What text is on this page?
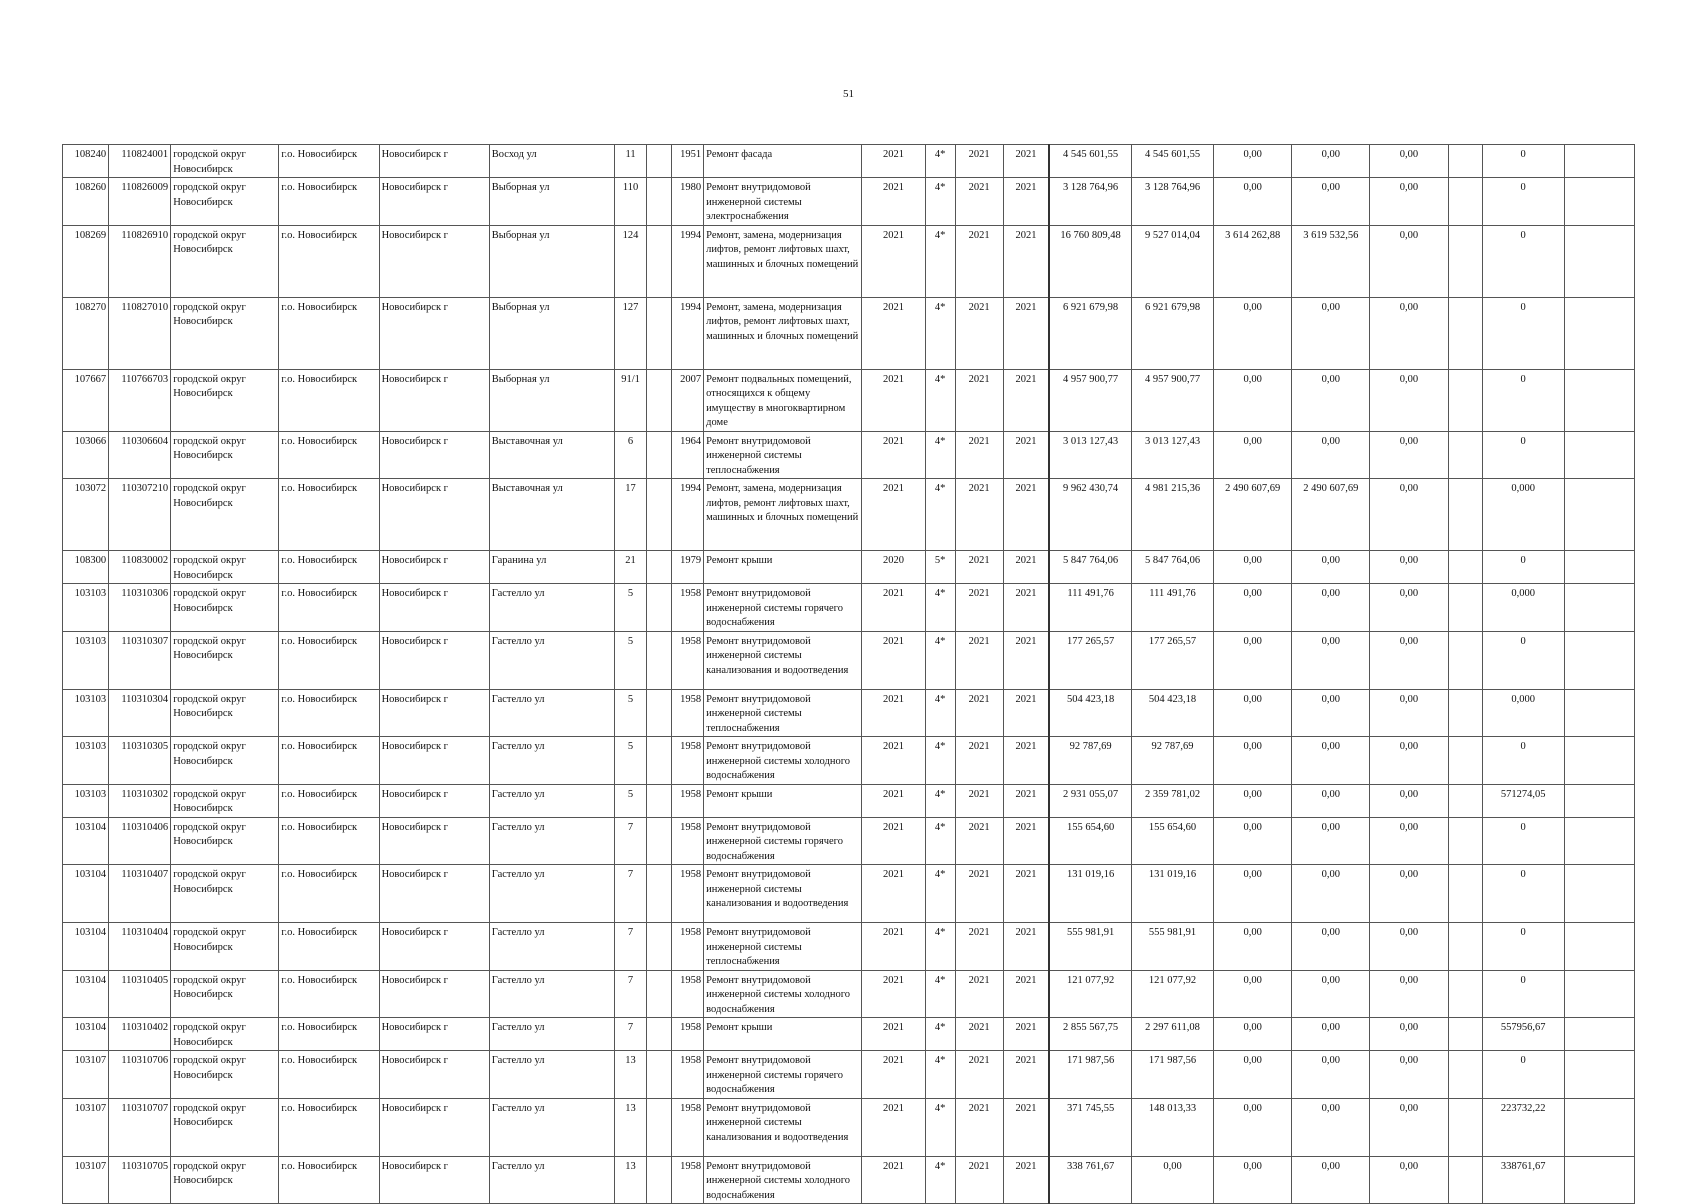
51
108240	110824001	городской округ Новосибирск	г.о. Новосибирск	Новосибирск г	Восход ул	11		1951	Ремонт фасада	2021	4*	2021	2021	4 545 601,55	4 545 601,55	0,00	0,00	0,00		0	
108260	110826009	городской округ Новосибирск	г.о. Новосибирск	Новосибирск г	Выборная ул	110		1980	Ремонт внутридомовой инженерной системы электроснабжения	2021	4*	2021	2021	3 128 764,96	3 128 764,96	0,00	0,00	0,00		0	
108269	110826910	городской округ Новосибирск	г.о. Новосибирск	Новосибирск г	Выборная ул	124		1994	Ремонт, замена, модернизация лифтов, ремонт лифтовых шахт, машинных и блочных помещений	2021	4*	2021	2021	16 760 809,48	9 527 014,04	3 614 262,88	3 619 532,56	0,00		0	
108270	110827010	городской округ Новосибирск	г.о. Новосибирск	Новосибирск г	Выборная ул	127		1994	Ремонт, замена, модернизация лифтов, ремонт лифтовых шахт, машинных и блочных помещений	2021	4*	2021	2021	6 921 679,98	6 921 679,98	0,00	0,00	0,00		0	
107667	110766703	городской округ Новосибирск	г.о. Новосибирск	Новосибирск г	Выборная ул	91/1		2007	Ремонт подвальных помещений, относящихся к общему имуществу в многоквартирном доме	2021	4*	2021	2021	4 957 900,77	4 957 900,77	0,00	0,00	0,00		0	
103066	110306604	городской округ Новосибирск	г.о. Новосибирск	Новосибирск г	Выставочная ул	6		1964	Ремонт внутридомовой инженерной системы теплоснабжения	2021	4*	2021	2021	3 013 127,43	3 013 127,43	0,00	0,00	0,00		0	
103072	110307210	городской округ Новосибирск	г.о. Новосибирск	Новосибирск г	Выставочная ул	17		1994	Ремонт, замена, модернизация лифтов, ремонт лифтовых шахт, машинных и блочных помещений	2021	4*	2021	2021	9 962 430,74	4 981 215,36	2 490 607,69	2 490 607,69	0,00		0,000	
108300	110830002	городской округ Новосибирск	г.о. Новосибирск	Новосибирск г	Гаранина ул	21		1979	Ремонт крыши	2020	5*	2021	2021	5 847 764,06	5 847 764,06	0,00	0,00	0,00		0	
103103	110310306	городской округ Новосибирск	г.о. Новосибирск	Новосибирск г	Гастелло ул	5		1958	Ремонт внутридомовой инженерной системы горячего водоснабжения	2021	4*	2021	2021	111 491,76	111 491,76	0,00	0,00	0,00		0,000	
103103	110310307	городской округ Новосибирск	г.о. Новосибирск	Новосибирск г	Гастелло ул	5		1958	Ремонт внутридомовой инженерной системы канализования и водоотведения	2021	4*	2021	2021	177 265,57	177 265,57	0,00	0,00	0,00		0	
103103	110310304	городской округ Новосибирск	г.о. Новосибирск	Новосибирск г	Гастелло ул	5		1958	Ремонт внутридомовой инженерной системы теплоснабжения	2021	4*	2021	2021	504 423,18	504 423,18	0,00	0,00	0,00		0,000	
103103	110310305	городской округ Новосибирск	г.о. Новосибирск	Новосибирск г	Гастелло ул	5		1958	Ремонт внутридомовой инженерной системы холодного водоснабжения	2021	4*	2021	2021	92 787,69	92 787,69	0,00	0,00	0,00		0	
103103	110310302	городской округ Новосибирск	г.о. Новосибирск	Новосибирск г	Гастелло ул	5		1958	Ремонт крыши	2021	4*	2021	2021	2 931 055,07	2 359 781,02	0,00	0,00	0,00		571274,05	
103104	110310406	городской округ Новосибирск	г.о. Новосибирск	Новосибирск г	Гастелло ул	7		1958	Ремонт внутридомовой инженерной системы горячего водоснабжения	2021	4*	2021	2021	155 654,60	155 654,60	0,00	0,00	0,00		0	
103104	110310407	городской округ Новосибирск	г.о. Новосибирск	Новосибирск г	Гастелло ул	7		1958	Ремонт внутридомовой инженерной системы канализования и водоотведения	2021	4*	2021	2021	131 019,16	131 019,16	0,00	0,00	0,00		0	
103104	110310404	городской округ Новосибирск	г.о. Новосибирск	Новосибирск г	Гастелло ул	7		1958	Ремонт внутридомовой инженерной системы теплоснабжения	2021	4*	2021	2021	555 981,91	555 981,91	0,00	0,00	0,00		0	
103104	110310405	городской округ Новосибирск	г.о. Новосибирск	Новосибирск г	Гастелло ул	7		1958	Ремонт внутридомовой инженерной системы холодного водоснабжения	2021	4*	2021	2021	121 077,92	121 077,92	0,00	0,00	0,00		0	
103104	110310402	городской округ Новосибирск	г.о. Новосибирск	Новосибирск г	Гастелло ул	7		1958	Ремонт крыши	2021	4*	2021	2021	2 855 567,75	2 297 611,08	0,00	0,00	0,00		557956,67	
103107	110310706	городской округ Новосибирск	г.о. Новосибирск	Новосибирск г	Гастелло ул	13		1958	Ремонт внутридомовой инженерной системы горячего водоснабжения	2021	4*	2021	2021	171 987,56	171 987,56	0,00	0,00	0,00		0	
103107	110310707	городской округ Новосибирск	г.о. Новосибирск	Новосибирск г	Гастелло ул	13		1958	Ремонт внутридомовой инженерной системы канализования и водоотведения	2021	4*	2021	2021	371 745,55	148 013,33	0,00	0,00	0,00		223732,22	
103107	110310705	городской округ Новосибирск	г.о. Новосибирск	Новосибирск г	Гастелло ул	13		1958	Ремонт внутридомовой инженерной системы холодного водоснабжения	2021	4*	2021	2021	338 761,67	0,00	0,00	0,00	0,00		338761,67	
